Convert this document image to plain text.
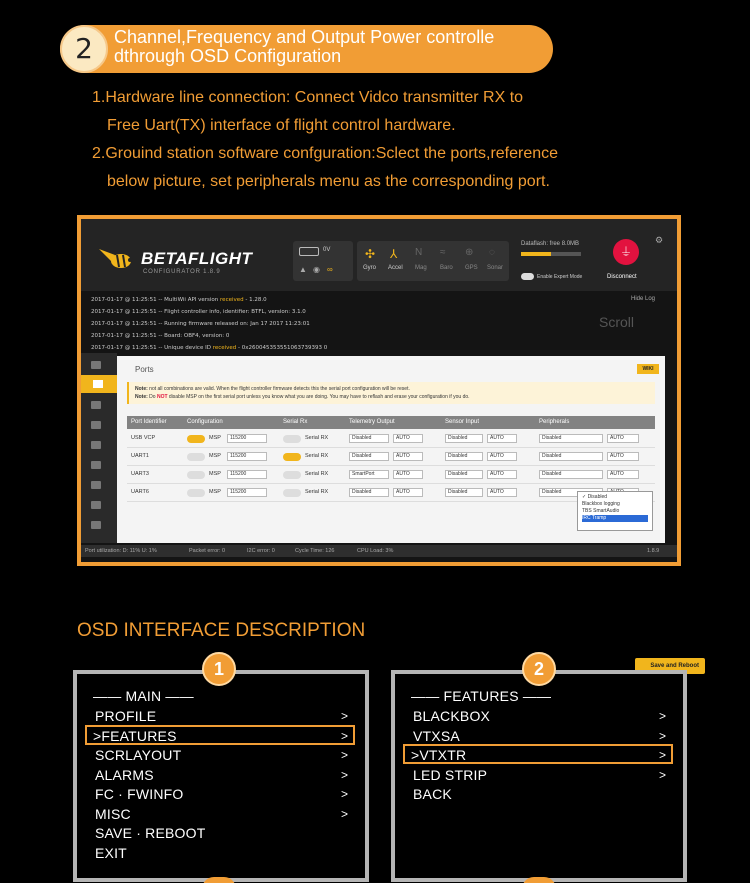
2	Channel,Frequency and Output Power controlle dthrough OSD Configuration
1.Hardware line connection: Connect Vidco transmitter RX to
Free Uart(TX) interface of flight control hardware.
2.Grouind station software confguration:Sclect the ports,reference
below picture, set peripherals menu as the corresponding port.
BETAFLIGHT
CONFIGURATOR 1.8.9
0V
▲ ◉ ∞
✣ ⅄ N ≈ ⊕ ◌
Gyro Accel Mag Baro GPS Sonar
Dataflash: free 8.0MB
Enable Expert Mode
⏚
Disconnect
⚙
2017-01-17 @ 11:25:51 -- MultiWii API version received - 1.28.0
2017-01-17 @ 11:25:51 -- Flight controller info, identifier: BTFL, version: 3.1.0
2017-01-17 @ 11:25:51 -- Running firmware released on: Jan 17 2017 11:23:01
2017-01-17 @ 11:25:51 -- Board: OBF4, version: 0
2017-01-17 @ 11:25:51 -- Unique device ID received - 0x260045353551063739393 0
Hide Log
Scroll
Ports	WIKI
Note: not all combinations are valid. When the flight controller firmware detects this the serial port configuration will be reset.
Note: Do NOT disable MSP on the first serial port unless you know what you are doing. You may have to reflash and erase your configuration if you do.
Port Identifier	Configuration	Serial Rx	Telemetry Output	Sensor Input	Peripherals
USB VCP	MSP	115200	Serial RX	Disabled	AUTO	Disabled	AUTO	Disabled	AUTO
UART1	MSP	115200	Serial RX	Disabled	AUTO	Disabled	AUTO	Disabled	AUTO
UART3	MSP	115200	Serial RX	SmartPort	AUTO	Disabled	AUTO	Disabled	AUTO
UART6	MSP	115200	Serial RX	Disabled	AUTO	Disabled	AUTO	Disabled
Save and Reboot
✓ Disabled
Blackbox logging
TBS SmartAudio
IRC Tramp
Port utilization: D: 11% U: 1%	Packet error: 0	I2C error: 0	Cycle Time: 126	CPU Load: 3%	1.8.9
OSD INTERFACE DESCRIPTION
—— MAIN ——
PROFILE	>
>FEATURES	>
SCRLAYOUT	>
ALARMS	>
FC · FWINFO	>
MISC	>
SAVE · REBOOT
EXIT
1
—— FEATURES ——
BLACKBOX	>
VTXSA	>
>VTXTR	>
LED STRIP	>
BACK
2
